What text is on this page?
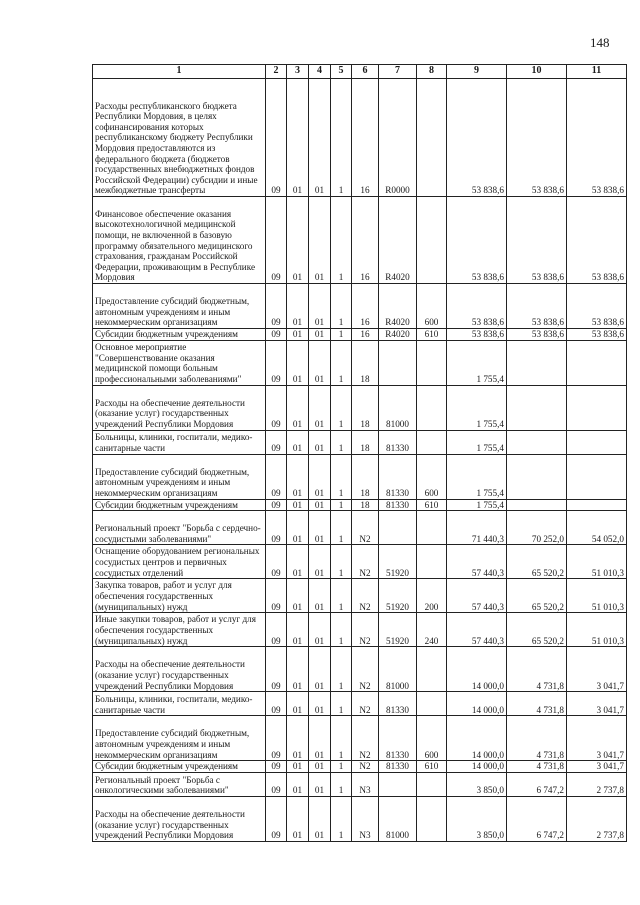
148
1	2	3	4	5	6	7	8	9	10	11
Расходы республиканского бюджета Республики Мордовия, в целях софинансирования которых республиканскому бюджету Республики Мордовия предоставляются из федерального бюджета (бюджетов государственных внебюджетных фондов Российской Федерации) субсидии и иные межбюджетные трансферты	09	01	01	1	16	R0000		53 838,6	53 838,6	53 838,6
Финансовое обеспечение оказания высокотехнологичной медицинской помощи, не включенной в базовую программу обязательного медицинского страхования, гражданам Российской Федерации, проживающим в Республике Мордовия	09	01	01	1	16	R4020		53 838,6	53 838,6	53 838,6
Предоставление субсидий бюджетным, автономным учреждениям и иным некоммерческим организациям	09	01	01	1	16	R4020	600	53 838,6	53 838,6	53 838,6
Субсидии бюджетным учреждениям	09	01	01	1	16	R4020	610	53 838,6	53 838,6	53 838,6
Основное мероприятие "Совершенствование оказания медицинской помощи больным профессиональными заболеваниями"	09	01	01	1	18			1 755,4		
Расходы на обеспечение деятельности (оказание услуг) государственных учреждений Республики Мордовия	09	01	01	1	18	81000		1 755,4		
Больницы, клиники, госпитали, медико-санитарные части	09	01	01	1	18	81330		1 755,4		
Предоставление субсидий бюджетным, автономным учреждениям и иным некоммерческим организациям	09	01	01	1	18	81330	600	1 755,4		
Субсидии бюджетным учреждениям	09	01	01	1	18	81330	610	1 755,4		
Региональный проект "Борьба с сердечно-сосудистыми заболеваниями"	09	01	01	1	N2			71 440,3	70 252,0	54 052,0
Оснащение оборудованием региональных сосудистых центров и первичных сосудистых отделений	09	01	01	1	N2	51920		57 440,3	65 520,2	51 010,3
Закупка товаров, работ и услуг для обеспечения государственных (муниципальных) нужд	09	01	01	1	N2	51920	200	57 440,3	65 520,2	51 010,3
Иные закупки товаров, работ и услуг для обеспечения государственных (муниципальных) нужд	09	01	01	1	N2	51920	240	57 440,3	65 520,2	51 010,3
Расходы на обеспечение деятельности (оказание услуг) государственных учреждений Республики Мордовия	09	01	01	1	N2	81000		14 000,0	4 731,8	3 041,7
Больницы, клиники, госпитали, медико-санитарные части	09	01	01	1	N2	81330		14 000,0	4 731,8	3 041,7
Предоставление субсидий бюджетным, автономным учреждениям и иным некоммерческим организациям	09	01	01	1	N2	81330	600	14 000,0	4 731,8	3 041,7
Субсидии бюджетным учреждениям	09	01	01	1	N2	81330	610	14 000,0	4 731,8	3 041,7
Региональный проект "Борьба с онкологическими заболеваниями"	09	01	01	1	N3			3 850,0	6 747,2	2 737,8
Расходы на обеспечение деятельности (оказание услуг) государственных учреждений Республики Мордовия	09	01	01	1	N3	81000		3 850,0	6 747,2	2 737,8
